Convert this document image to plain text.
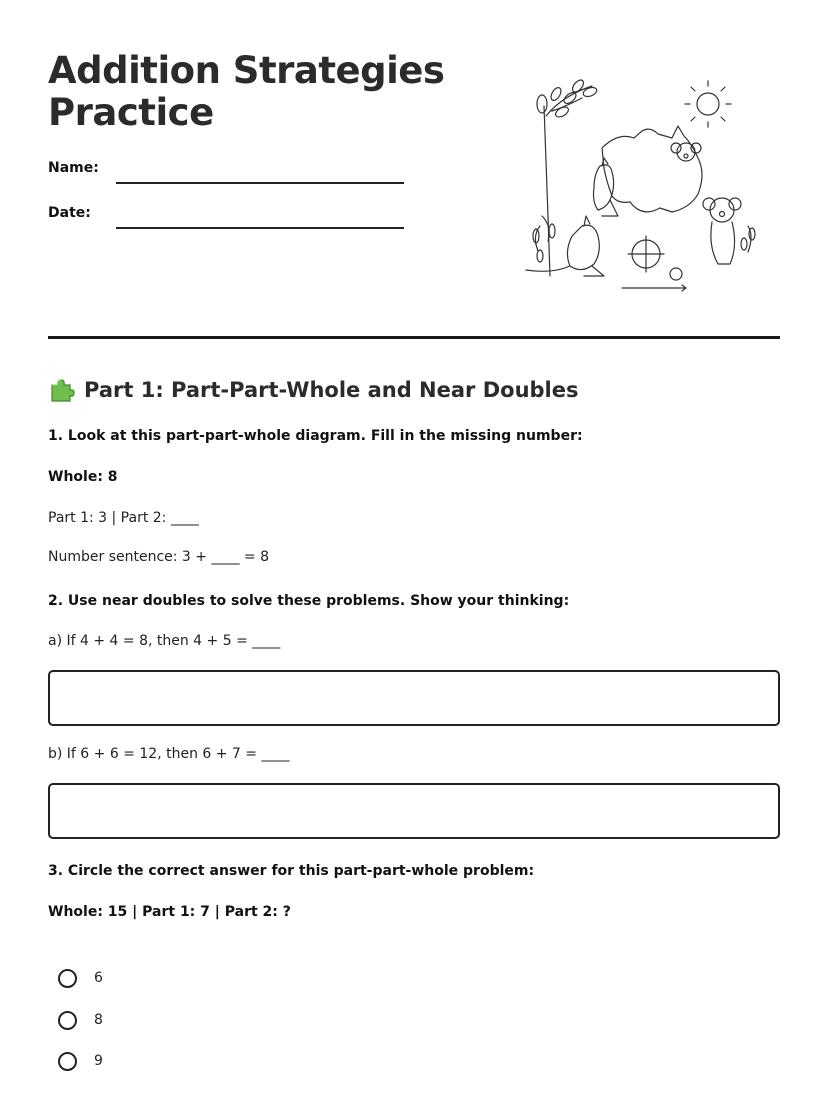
Addition Strategies Practice
Name:
Date:
Part 1: Part-Part-Whole and Near Doubles
1. Look at this part-part-whole diagram. Fill in the missing number:
Whole: 8
Part 1: 3 | Part 2: ____
Number sentence: 3 + ____ = 8
2. Use near doubles to solve these problems. Show your thinking:
a) If 4 + 4 = 8, then 4 + 5 = ____
b) If 6 + 6 = 12, then 6 + 7 = ____
3. Circle the correct answer for this part-part-whole problem:
Whole: 15 | Part 1: 7 | Part 2: ?
6
8
9
